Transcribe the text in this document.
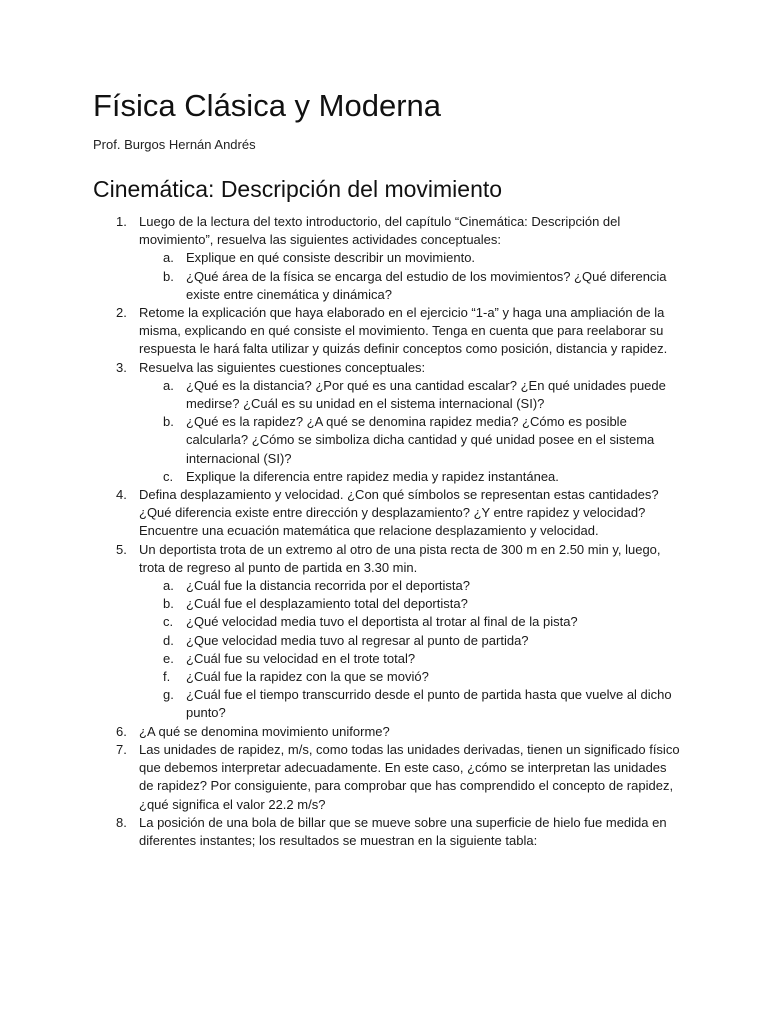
Física Clásica y Moderna

Prof. Burgos Hernán Andrés

Cinemática: Descripción del movimiento
1. Luego de la lectura del texto introductorio, del capítulo “Cinemática: Descripción del movimiento”, resuelva las siguientes actividades conceptuales:
a. Explique en qué consiste describir un movimiento.
b. ¿Qué área de la física se encarga del estudio de los movimientos? ¿Qué diferencia existe entre cinemática y dinámica?
2. Retome la explicación que haya elaborado en el ejercicio “1-a” y haga una ampliación de la misma, explicando en qué consiste el movimiento. Tenga en cuenta que para reelaborar su respuesta le hará falta utilizar y quizás definir conceptos como posición, distancia y rapidez.
3. Resuelva las siguientes cuestiones conceptuales:
a. ¿Qué es la distancia? ¿Por qué es una cantidad escalar? ¿En qué unidades puede medirse? ¿Cuál es su unidad en el sistema internacional (SI)?
b. ¿Qué es la rapidez? ¿A qué se denomina rapidez media? ¿Cómo es posible calcularla? ¿Cómo se simboliza dicha cantidad y qué unidad posee en el sistema internacional (SI)?
c. Explique la diferencia entre rapidez media y rapidez instantánea.
4. Defina desplazamiento y velocidad. ¿Con qué símbolos se representan estas cantidades? ¿Qué diferencia existe entre dirección y desplazamiento? ¿Y entre rapidez y velocidad? Encuentre una ecuación matemática que relacione desplazamiento y velocidad.
5. Un deportista trota de un extremo al otro de una pista recta de 300 m en 2.50 min y, luego, trota de regreso al punto de partida en 3.30 min.
a. ¿Cuál fue la distancia recorrida por el deportista?
b. ¿Cuál fue el desplazamiento total del deportista?
c. ¿Qué velocidad media tuvo el deportista al trotar al final de la pista?
d. ¿Que velocidad media tuvo al regresar al punto de partida?
e. ¿Cuál fue su velocidad en el trote total?
f. ¿Cuál fue la rapidez con la que se movió?
g. ¿Cuál fue el tiempo transcurrido desde el punto de partida hasta que vuelve al dicho punto?
6. ¿A qué se denomina movimiento uniforme?
7. Las unidades de rapidez, m/s, como todas las unidades derivadas, tienen un significado físico que debemos interpretar adecuadamente. En este caso, ¿cómo se interpretan las unidades de rapidez? Por consiguiente, para comprobar que has comprendido el concepto de rapidez, ¿qué significa el valor 22.2 m/s?
8. La posición de una bola de billar que se mueve sobre una superficie de hielo fue medida en diferentes instantes; los resultados se muestran en la siguiente tabla:
